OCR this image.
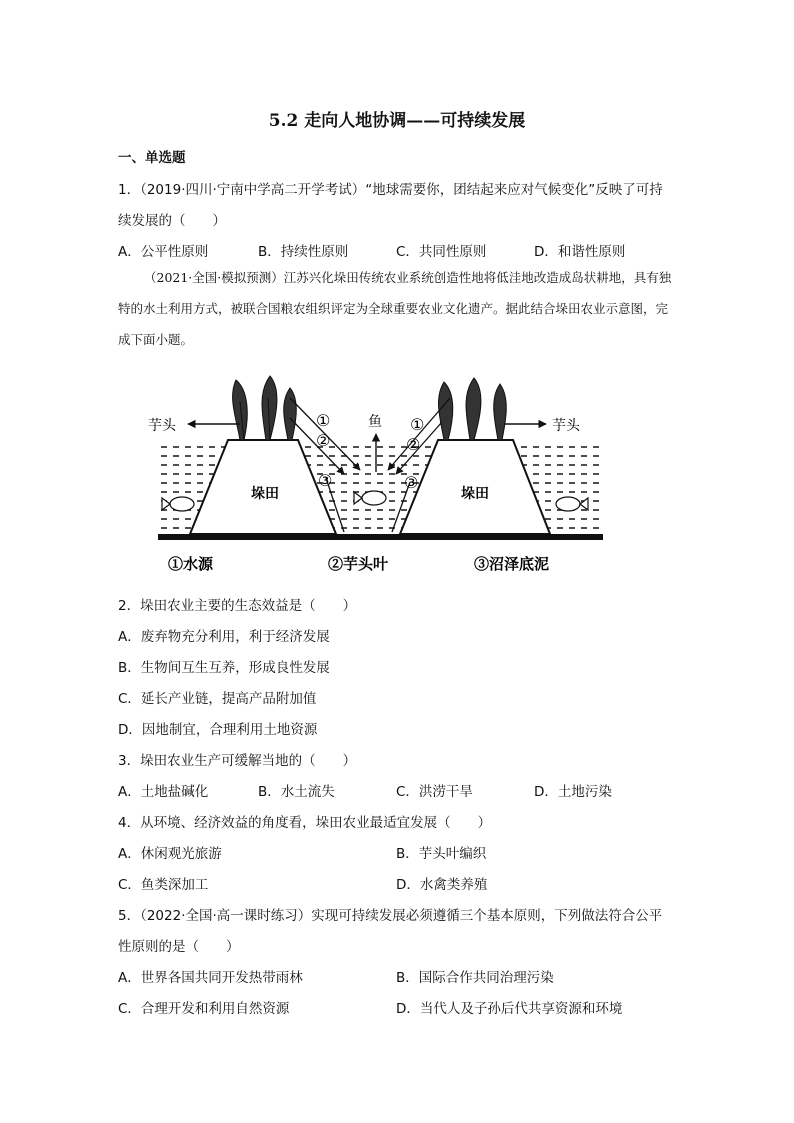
5.2 走向人地协调——可持续发展
一、单选题
1．（2019·四川·宁南中学高二开学考试）“地球需要你，团结起来应对气候变化”反映了可持
续发展的（　　）
A．公平性原则	B．持续性原则	C．共同性原则	D．和谐性原则
（2021·全国·模拟预测）江苏兴化垛田传统农业系统创造性地将低洼地改造成岛状耕地，具有独特的水土利用方式，被联合国粮农组织评定为全球重要农业文化遗产。据此结合垛田农业示意图，完成下面小题。
垛田	垛田
芋头	芋头
鱼
①
②
③
①
②
③
①水源	②芋头叶	③沼泽底泥
2．垛田农业主要的生态效益是（　　）
A．废弃物充分利用，利于经济发展
B．生物间互生互养，形成良性发展
C．延长产业链，提高产品附加值
D．因地制宜，合理利用土地资源
3．垛田农业生产可缓解当地的（　　）
A．土地盐碱化	B．水土流失	C．洪涝干旱	D．土地污染
4．从环境、经济效益的角度看，垛田农业最适宜发展（　　）
A．休闲观光旅游	B．芋头叶编织
C．鱼类深加工	D．水禽类养殖
5．（2022·全国·高一课时练习）实现可持续发展必须遵循三个基本原则，下列做法符合公平
性原则的是（　　）
A．世界各国共同开发热带雨林	B．国际合作共同治理污染
C．合理开发和利用自然资源	D．当代人及子孙后代共享资源和环境
